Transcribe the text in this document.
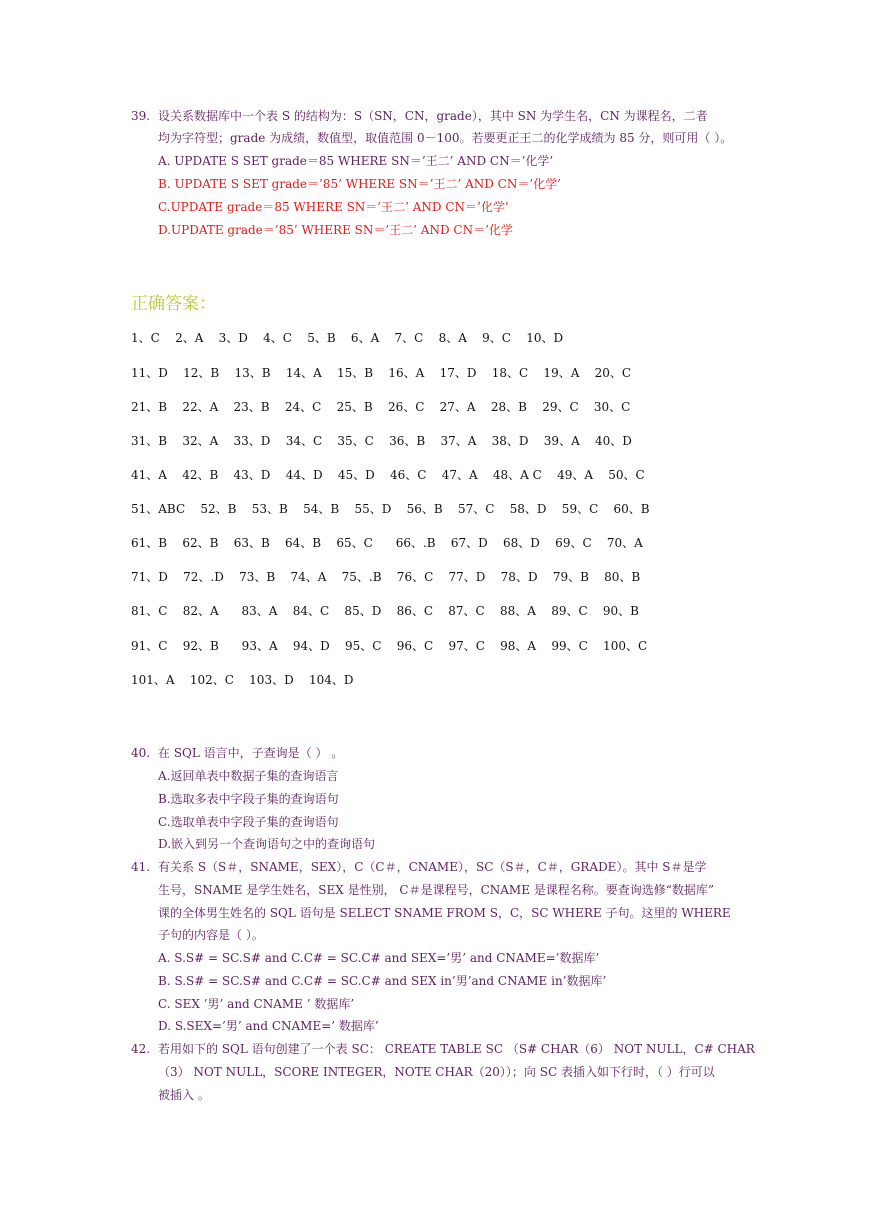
39. 设关系数据库中一个表 S 的结构为：S（SN，CN，grade），其中 SN 为学生名，CN 为课程名，二者
均为字符型；grade 为成绩，数值型，取值范围 0－100。若要更正王二的化学成绩为 85 分，则可用（ ）。
A. UPDATE S SET grade＝85 WHERE SN＝’王二’ AND CN＝’化学’
B. UPDATE S SET grade＝’85’ WHERE SN＝’王二’ AND CN＝’化学’
C.UPDATE grade＝85 WHERE SN＝’王二’ AND CN＝’化学’
D.UPDATE grade＝’85’ WHERE SN＝’王二’ AND CN＝’化学
正确答案：
1、C    2、A    3、D    4、C    5、B    6、A    7、C    8、A    9、C    10、D
11、D    12、B    13、B    14、A    15、B    16、A    17、D    18、C    19、A    20、C
21、B    22、A    23、B    24、C    25、B    26、C    27、A    28、B    29、C    30、C
31、B    32、A    33、D    34、C    35、C    36、B    37、A    38、D    39、A    40、D
41、A    42、B    43、D    44、D    45、D    46、C    47、A    48、A C    49、A    50、C
51、ABC    52、B    53、B    54、B    55、D    56、B    57、C    58、D    59、C    60、B
61、B    62、B    63、B    64、B    65、C      66、.B    67、D    68、D    69、C    70、A
71、D    72、.D    73、B    74、A    75、.B    76、C    77、D    78、D    79、B    80、B
81、C    82、A      83、A    84、C    85、D    86、C    87、C    88、A    89、C    90、B
91、C    92、B      93、A    94、D    95、C    96、C    97、C    98、A    99、C    100、C
101、A    102、C    103、D    104、D
40. 在 SQL 语言中，子查询是（ ） 。
A.返回单表中数据子集的查询语言
B.选取多表中字段子集的查询语句
C.选取单表中字段子集的查询语句
D.嵌入到另一个查询语句之中的查询语句
41. 有关系 S（S＃，SNAME，SEX），C（C＃，CNAME），SC（S＃，C＃，GRADE）。其中 S＃是学
生号，SNAME 是学生姓名，SEX 是性别， C＃是课程号，CNAME 是课程名称。要查询选修“数据库”
课的全体男生姓名的 SQL 语句是 SELECT SNAME FROM S，C，SC WHERE 子句。这里的 WHERE
子句的内容是（ ）。
A. S.S# = SC.S# and C.C# = SC.C# and SEX=’男’ and CNAME=’数据库’
B. S.S# = SC.S# and C.C# = SC.C# and SEX in’男’and CNAME in’数据库’
C. SEX ’男’ and CNAME ’ 数据库’
D. S.SEX=’男’ and CNAME=’ 数据库’
42. 若用如下的 SQL 语句创建了一个表 SC： CREATE TABLE SC （S# CHAR（6） NOT NULL，C# CHAR
（3） NOT NULL，SCORE INTEGER，NOTE CHAR（20））；向 SC 表插入如下行时，（ ）行可以
被插入 。
